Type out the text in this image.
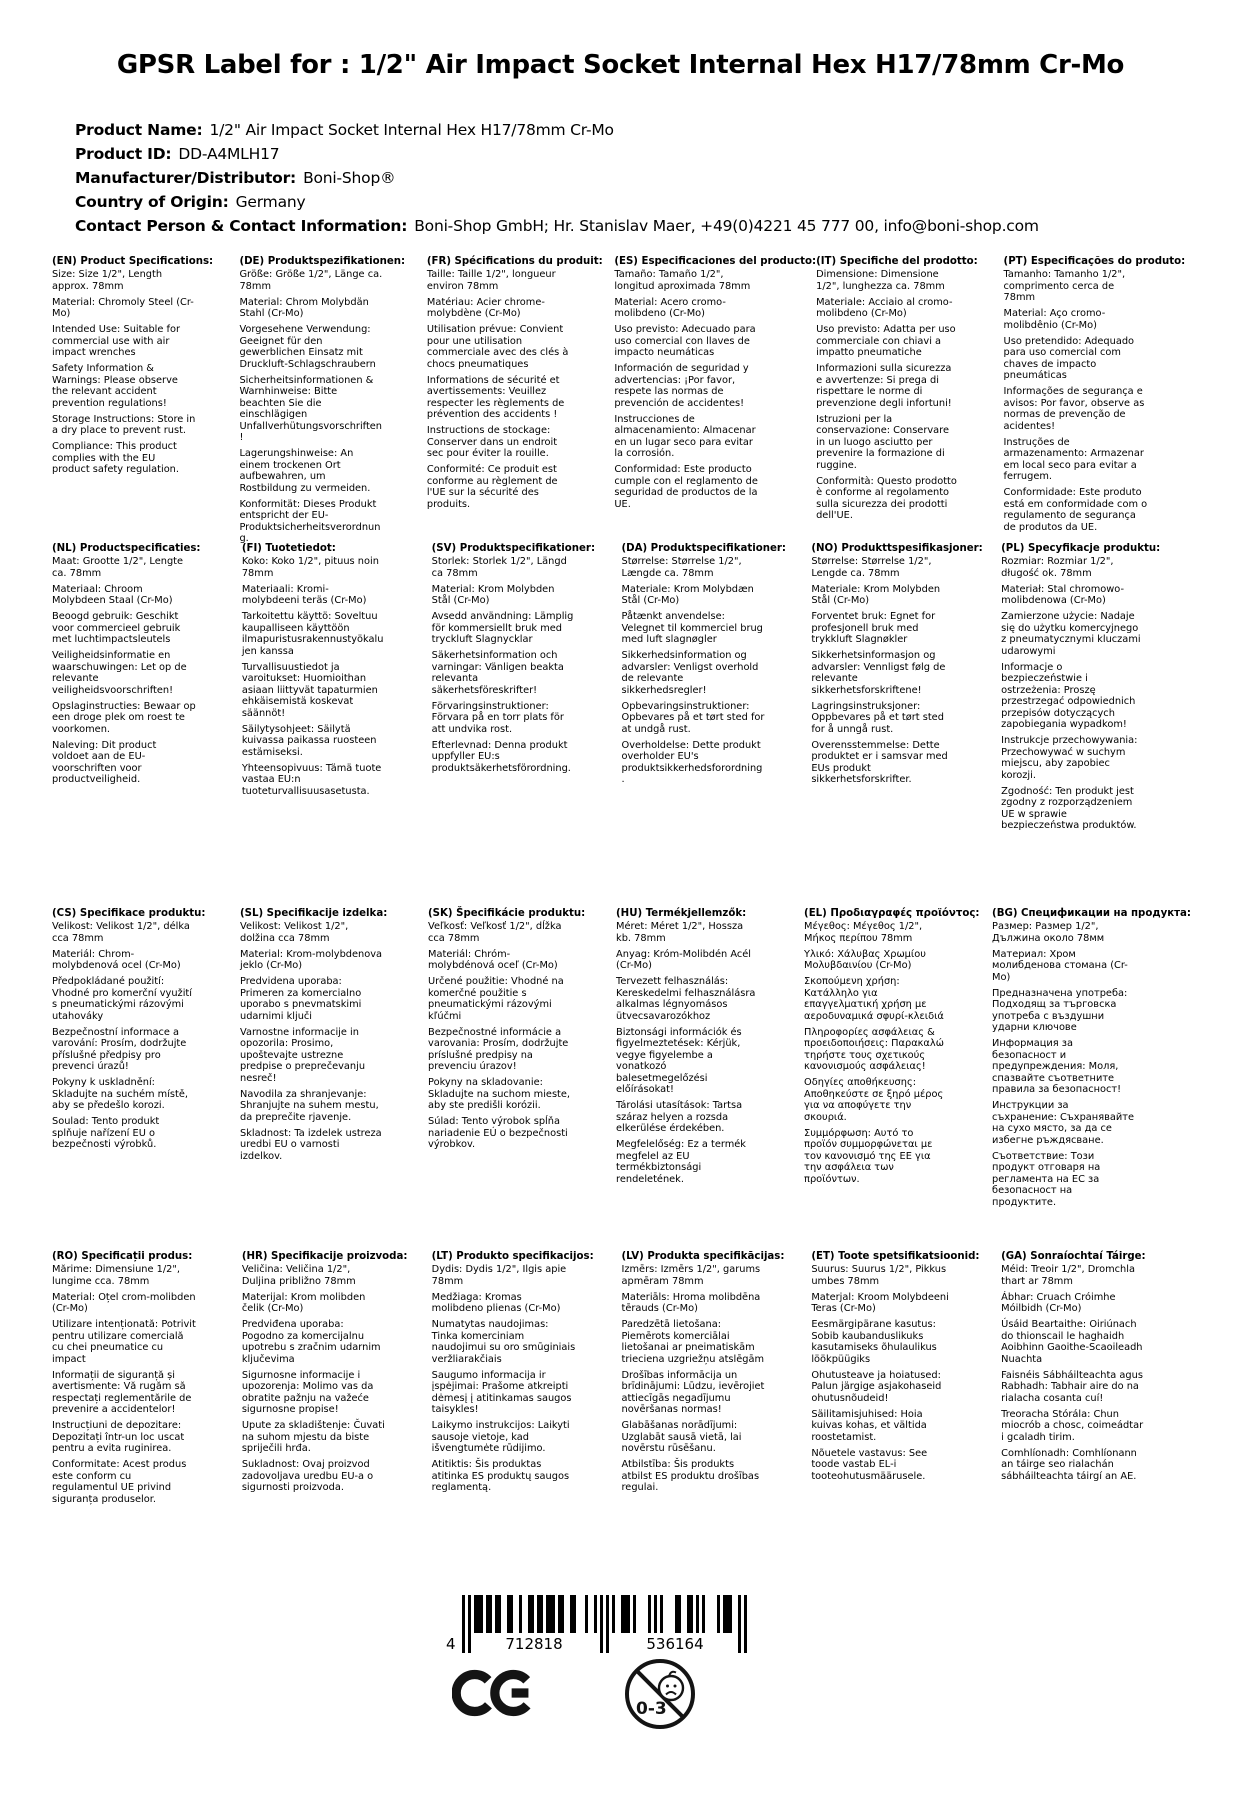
GPSR Label for : 1/2" Air Impact Socket Internal Hex H17/78mm Cr-Mo
Product Name: 1/2" Air Impact Socket Internal Hex H17/78mm Cr-Mo
Product ID: DD-A4MLH17
Manufacturer/Distributor: Boni-Shop®
Country of Origin: Germany
Contact Person & Contact Information: Boni-Shop GmbH; Hr. Stanislav Maer, +49(0)4221 45 777 00, info@boni-shop.com
(EN) Product Specifications:

Size: Size 1/2", Length approx. 78mm

Material: Chromoly Steel (Cr-Mo)

Intended Use: Suitable for commercial use with air impact wrenches

Safety Information & Warnings: Please observe the relevant accident prevention regulations!

Storage Instructions: Store in a dry place to prevent rust.

Compliance: This product complies with the EU product safety regulation.

(DE) Produktspezifikationen:

Größe: Größe 1/2", Länge ca. 78mm

Material: Chrom Molybdän Stahl (Cr-Mo)

Vorgesehene Verwendung: Geeignet für den gewerblichen Einsatz mit Druckluft-Schlagschraubern

Sicherheitsinformationen & Warnhinweise: Bitte beachten Sie die einschlägigen Unfallverhütungsvorschriften!

Lagerungshinweise: An einem trockenen Ort aufbewahren, um Rostbildung zu vermeiden.

Konformität: Dieses Produkt entspricht der EU-Produktsicherheitsverordnung.

(FR) Spécifications du produit:

Taille: Taille 1/2", longueur environ 78mm

Matériau: Acier chrome-molybdène (Cr-Mo)

Utilisation prévue: Convient pour une utilisation commerciale avec des clés à chocs pneumatiques

Informations de sécurité et avertissements: Veuillez respecter les règlements de prévention des accidents !

Instructions de stockage: Conserver dans un endroit sec pour éviter la rouille.

Conformité: Ce produit est conforme au règlement de l'UE sur la sécurité des produits.

(ES) Especificaciones del producto:

Tamaño: Tamaño 1/2", longitud aproximada 78mm

Material: Acero cromo-molibdeno (Cr-Mo)

Uso previsto: Adecuado para uso comercial con llaves de impacto neumáticas

Información de seguridad y advertencias: ¡Por favor, respete las normas de prevención de accidentes!

Instrucciones de almacenamiento: Almacenar en un lugar seco para evitar la corrosión.

Conformidad: Este producto cumple con el reglamento de seguridad de productos de la UE.

(IT) Specifiche del prodotto:

Dimensione: Dimensione 1/2", lunghezza ca. 78mm

Materiale: Acciaio al cromo-molibdeno (Cr-Mo)

Uso previsto: Adatta per uso commerciale con chiavi a impatto pneumatiche

Informazioni sulla sicurezza e avvertenze: Si prega di rispettare le norme di prevenzione degli infortuni!

Istruzioni per la conservazione: Conservare in un luogo asciutto per prevenire la formazione di ruggine.

Conformità: Questo prodotto è conforme al regolamento sulla sicurezza dei prodotti dell'UE.

(PT) Especificações do produto:

Tamanho: Tamanho 1/2", comprimento cerca de 78mm

Material: Aço cromo-molibdênio (Cr-Mo)

Uso pretendido: Adequado para uso comercial com chaves de impacto pneumáticas

Informações de segurança e avisos: Por favor, observe as normas de prevenção de acidentes!

Instruções de armazenamento: Armazenar em local seco para evitar a ferrugem.

Conformidade: Este produto está em conformidade com o regulamento de segurança de produtos da UE.

(NL) Productspecificaties:

Maat: Grootte 1/2", Lengte ca. 78mm

Materiaal: Chroom Molybdeen Staal (Cr-Mo)

Beoogd gebruik: Geschikt voor commercieel gebruik met luchtimpactsleutels

Veiligheidsinformatie en waarschuwingen: Let op de relevante veiligheidsvoorschriften!

Opslaginstructies: Bewaar op een droge plek om roest te voorkomen.

Naleving: Dit product voldoet aan de EU-voorschriften voor productveiligheid.

(FI) Tuotetiedot:

Koko: Koko 1/2", pituus noin 78mm

Materiaali: Kromi-molybdeeni teräs (Cr-Mo)

Tarkoitettu käyttö: Soveltuu kaupalliseen käyttöön ilmapuristusrakennustyökalujen kanssa

Turvallisuustiedot ja varoitukset: Huomioithan asiaan liittyvät tapaturmien ehkäisemistä koskevat säännöt!

Säilytysohjeet: Säilytä kuivassa paikassa ruosteen estämiseksi.

Yhteensopivuus: Tämä tuote vastaa EU:n tuoteturvallisuusasetusta.

(SV) Produktspecifikationer:

Storlek: Storlek 1/2", Längd ca 78mm

Material: Krom Molybden Stål (Cr-Mo)

Avsedd användning: Lämplig för kommersiellt bruk med tryckluft Slagnycklar

Säkerhetsinformation och varningar: Vänligen beakta relevanta säkerhetsföreskrifter!

Förvaringsinstruktioner: Förvara på en torr plats för att undvika rost.

Efterlevnad: Denna produkt uppfyller EU:s produktsäkerhetsförordning.

(DA) Produktspecifikationer:

Størrelse: Størrelse 1/2", Længde ca. 78mm

Materiale: Krom Molybdæn Stål (Cr-Mo)

Påtænkt anvendelse: Velegnet til kommerciel brug med luft slagnøgler

Sikkerhedsinformation og advarsler: Venligst overhold de relevante sikkerhedsregler!

Opbevaringsinstruktioner: Opbevares på et tørt sted for at undgå rust.

Overholdelse: Dette produkt overholder EU's produktsikkerhedsforordning.

(NO) Produkttspesifikasjoner:

Størrelse: Størrelse 1/2", Lengde ca. 78mm

Materiale: Krom Molybden Stål (Cr-Mo)

Forventet bruk: Egnet for profesjonell bruk med trykkluft Slagnøkler

Sikkerhetsinformasjon og advarsler: Vennligst følg de relevante sikkerhetsforskriftene!

Lagringsinstruksjoner: Oppbevares på et tørt sted for å unngå rust.

Overensstemmelse: Dette produktet er i samsvar med EUs produkt sikkerhetsforskrifter.

(PL) Specyfikacje produktu:

Rozmiar: Rozmiar 1/2", długość ok. 78mm

Materiał: Stal chromowo-molibdenowa (Cr-Mo)

Zamierzone użycie: Nadaje się do użytku komercyjnego z pneumatycznymi kluczami udarowymi

Informacje o bezpieczeństwie i ostrzeżenia: Proszę przestrzegać odpowiednich przepisów dotyczących zapobiegania wypadkom!

Instrukcje przechowywania: Przechowywać w suchym miejscu, aby zapobiec korozji.

Zgodność: Ten produkt jest zgodny z rozporządzeniem UE w sprawie bezpieczeństwa produktów.

(CS) Specifikace produktu:

Velikost: Velikost 1/2", délka cca 78mm

Materiál: Chrom-molybdenová ocel (Cr-Mo)

Předpokládané použití: Vhodné pro komerční využití s pneumatickými rázovými utahováky

Bezpečnostní informace a varování: Prosím, dodržujte příslušné předpisy pro prevenci úrazů!

Pokyny k uskladnění: Skladujte na suchém místě, aby se předešlo korozi.

Soulad: Tento produkt splňuje nařízení EU o bezpečnosti výrobků.

(SL) Specifikacije izdelka:

Velikost: Velikost 1/2", dolžina cca 78mm

Material: Krom-molybdenova jeklo (Cr-Mo)

Predvidena uporaba: Primeren za komercialno uporabo s pnevmatskimi udarnimi ključi

Varnostne informacije in opozorila: Prosimo, upoštevajte ustrezne predpise o preprečevanju nesreč!

Navodila za shranjevanje: Shranjujte na suhem mestu, da preprečite rjavenje.

Skladnost: Ta izdelek ustreza uredbi EU o varnosti izdelkov.

(SK) Špecifikácie produktu:

Veľkosť: Veľkosť 1/2", dĺžka cca 78mm

Materiál: Chróm-molybdénová oceľ (Cr-Mo)

Určené použitie: Vhodné na komerčné použitie s pneumatickými rázovými kľúčmi

Bezpečnostné informácie a varovania: Prosím, dodržujte príslušné predpisy na prevenciu úrazov!

Pokyny na skladovanie: Skladujte na suchom mieste, aby ste predišli korózii.

Súlad: Tento výrobok spĺňa nariadenie EÚ o bezpečnosti výrobkov.

(HU) Termékjellemzők:

Méret: Méret 1/2", Hossza kb. 78mm

Anyag: Króm-Molibdén Acél (Cr-Mo)

Tervezett felhasználás: Kereskedelmi felhasználásra alkalmas légnyomásos ütvecsavarozókhoz

Biztonsági információk és figyelmeztetések: Kérjük, vegye figyelembe a vonatkozó balesetmegelőzési előírásokat!

Tárolási utasítások: Tartsa száraz helyen a rozsda elkerülése érdekében.

Megfelelőség: Ez a termék megfelel az EU termékbiztonsági rendeletének.

(EL) Προδιαγραφές προϊόντος:

Μέγεθος: Μέγεθος 1/2", Μήκος περίπου 78mm

Υλικό: Χάλυβας Χρωμίου Μολυβδαινίου (Cr-Mo)

Σκοπούμενη χρήση: Κατάλληλο για επαγγελματική χρήση με αεροδυναμικά σφυρί-κλειδιά

Πληροφορίες ασφάλειας & προειδοποιήσεις: Παρακαλώ τηρήστε τους σχετικούς κανονισμούς ασφάλειας!

Οδηγίες αποθήκευσης: Αποθηκεύστε σε ξηρό μέρος για να αποφύγετε την σκουριά.

Συμμόρφωση: Αυτό το προϊόν συμμορφώνεται με τον κανονισμό της ΕΕ για την ασφάλεια των προϊόντων.

(BG) Спецификации на продукта:

Размер: Размер 1/2", Дължина около 78мм

Материал: Хром молибденова стомана (Cr-Mo)

Предназначена употреба: Подходящ за търговска употреба с въздушни ударни ключове

Информация за безопасност и предупреждения: Моля, спазвайте съответните правила за безопасност!

Инструкции за съхранение: Съхранявайте на сухо място, за да се избегне ръждясване.

Съответствие: Този продукт отговаря на регламента на ЕС за безопасност на продуктите.

(RO) Specificații produs:

Mărime: Dimensiune 1/2", lungime cca. 78mm

Material: Oțel crom-molibden (Cr-Mo)

Utilizare intenționată: Potrivit pentru utilizare comercială cu chei pneumatice cu impact

Informații de siguranță și avertismente: Vă rugăm să respectați reglementările de prevenire a accidentelor!

Instrucțiuni de depozitare: Depozitați într-un loc uscat pentru a evita ruginirea.

Conformitate: Acest produs este conform cu regulamentul UE privind siguranța produselor.

(HR) Specifikacije proizvoda:

Veličina: Veličina 1/2", Duljina približno 78mm

Materijal: Krom molibden čelik (Cr-Mo)

Predviđena uporaba: Pogodno za komercijalnu upotrebu s zračnim udarnim ključevima

Sigurnosne informacije i upozorenja: Molimo vas da obratite pažnju na važeće sigurnosne propise!

Upute za skladištenje: Čuvati na suhom mjestu da biste spriječili hrđa.

Sukladnost: Ovaj proizvod zadovoljava uredbu EU-a o sigurnosti proizvoda.

(LT) Produkto specifikacijos:

Dydis: Dydis 1/2", Ilgis apie 78mm

Medžiaga: Kromas molibdeno plienas (Cr-Mo)

Numatytas naudojimas: Tinka komerciniam naudojimui su oro smūginiais veržliarakčiais

Saugumo informacija ir įspėjimai: Prašome atkreipti dėmesį į atitinkamas saugos taisykles!

Laikymo instrukcijos: Laikyti sausoje vietoje, kad išvengtumėte rūdijimo.

Atitiktis: Šis produktas atitinka ES produktų saugos reglamentą.

(LV) Produkta specifikācijas:

Izmērs: Izmērs 1/2", garums apmēram 78mm

Materiāls: Hroma molibdēna tērauds (Cr-Mo)

Paredzētā lietošana: Piemērots komerciālai lietošanai ar pneimatiskām trieciena uzgriežņu atslēgām

Drošības informācija un brīdinājumi: Lūdzu, ievērojiet attiecīgās negadījumu novēršanas normas!

Glabāšanas norādījumi: Uzglabāt sausā vietā, lai novērstu rūsēšanu.

Atbilstība: Šis produkts atbilst ES produktu drošības regulai.

(ET) Toote spetsifikatsioonid:

Suurus: Suurus 1/2", Pikkus umbes 78mm

Materjal: Kroom Molybdeeni Teras (Cr-Mo)

Eesmärgipärane kasutus: Sobib kaubanduslikuks kasutamiseks õhulaulikus löökpüügiks

Ohutusteave ja hoiatused: Palun järgige asjakohaseid ohutusnõudeid!

Säilitamisjuhised: Hoia kuivas kohas, et vältida roostetamist.

Nõuetele vastavus: See toode vastab EL-i tooteohutusmäärusele.

(GA) Sonraíochtaí Táirge:

Méid: Treoir 1/2", Dromchla thart ar 78mm

Ábhar: Cruach Cróimhe Móilbidh (Cr-Mo)

Úsáid Beartaithe: Oiriúnach do thionscail le haghaidh Aoibhinn Gaoithe-Scaoileadh Nuachta

Faisnéis Sábháilteachta agus Rabhadh: Tabhair aire do na rialacha cosanta cuí!

Treoracha Stórála: Chun miocrób a chosc, coimeádtar i gcaladh tirim.

Comhlíonadh: Comhlíonann an táirge seo rialachán sábháilteachta táirgí an AE.

4	712818	536164
0-3
